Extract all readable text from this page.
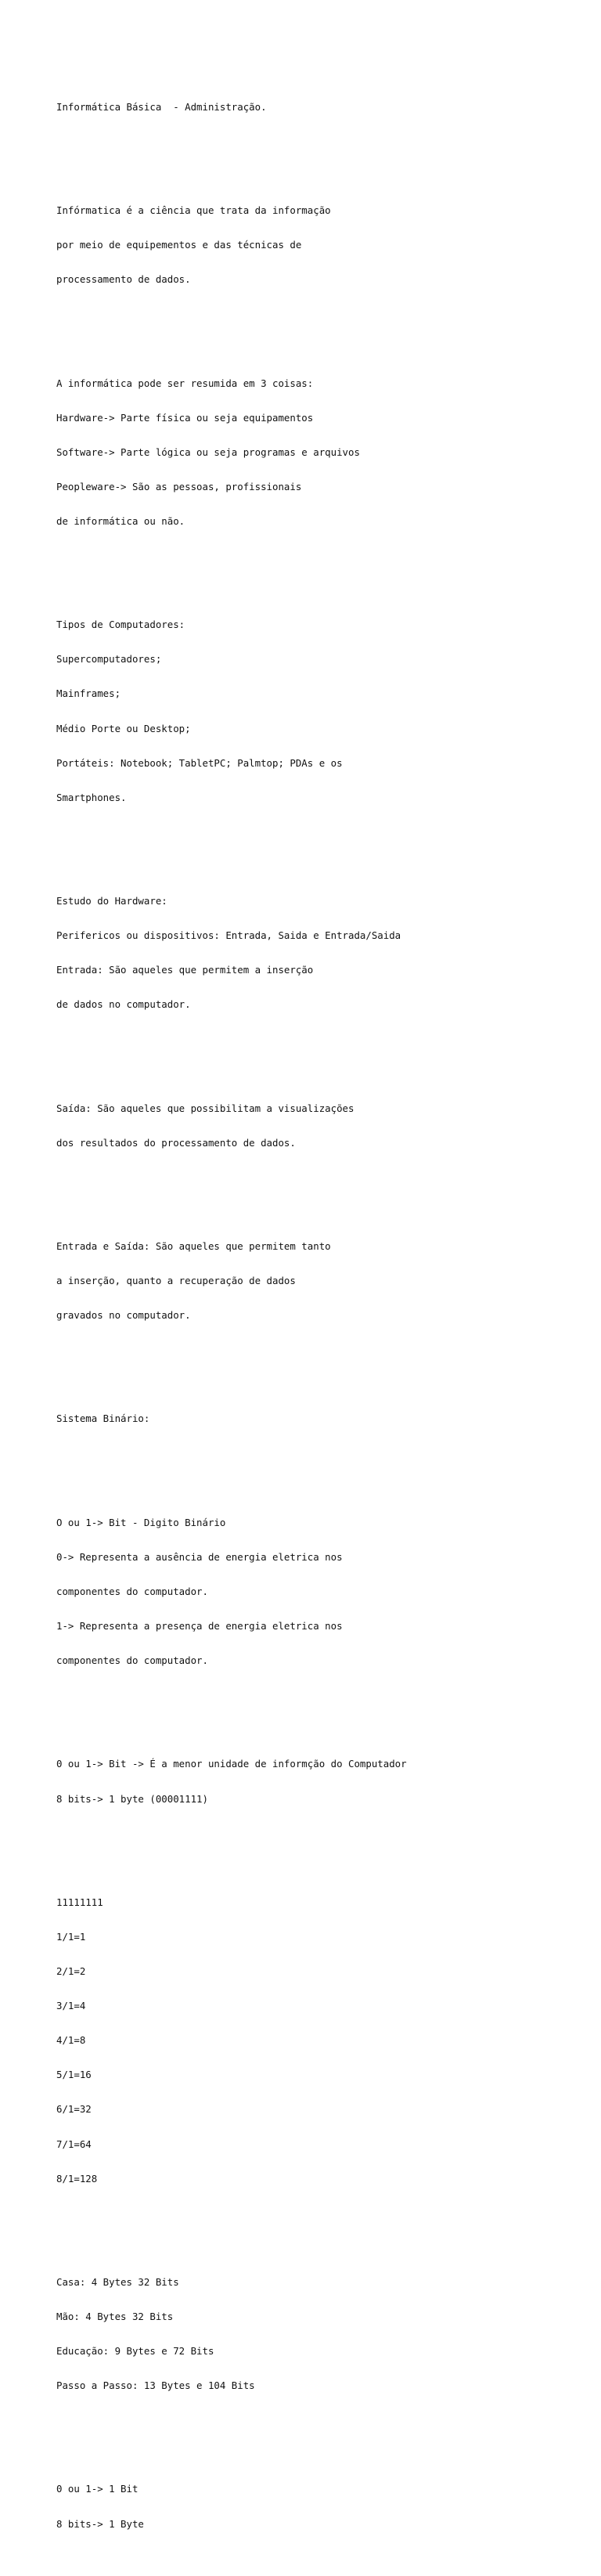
Informática Básica  - Administração.

Infórmatica é a ciência que trata da informação

por meio de equipementos e das técnicas de

processamento de dados.

A informática pode ser resumida em 3 coisas:

Hardware-> Parte física ou seja equipamentos

Software-> Parte lógica ou seja programas e arquivos

Peopleware-> São as pessoas, profissionais

de informática ou não.

Tipos de Computadores:

Supercomputadores;

Mainframes;

Médio Porte ou Desktop;

Portáteis: Notebook; TabletPC; Palmtop; PDAs e os

Smartphones.

Estudo do Hardware:

Perifericos ou dispositivos: Entrada, Saida e Entrada/Saida

Entrada: São aqueles que permitem a inserção

de dados no computador.

Saída: São aqueles que possibilitam a visualizações

dos resultados do processamento de dados.

Entrada e Saída: São aqueles que permitem tanto

a inserção, quanto a recuperação de dados

gravados no computador.

Sistema Binário:

O ou 1-> Bit - Digito Binário

0-> Representa a ausência de energia eletrica nos

componentes do computador.

1-> Representa a presença de energia eletrica nos

componentes do computador.

0 ou 1-> Bit -> É a menor unidade de informção do Computador

8 bits-> 1 byte (00001111)

11111111

1/1=1

2/1=2

3/1=4

4/1=8

5/1=16

6/1=32

7/1=64

8/1=128

Casa: 4 Bytes 32 Bits

Mão: 4 Bytes 32 Bits

Educação: 9 Bytes e 72 Bits

Passo a Passo: 13 Bytes e 104 Bits

0 ou 1-> 1 Bit

8 bits-> 1 Byte
